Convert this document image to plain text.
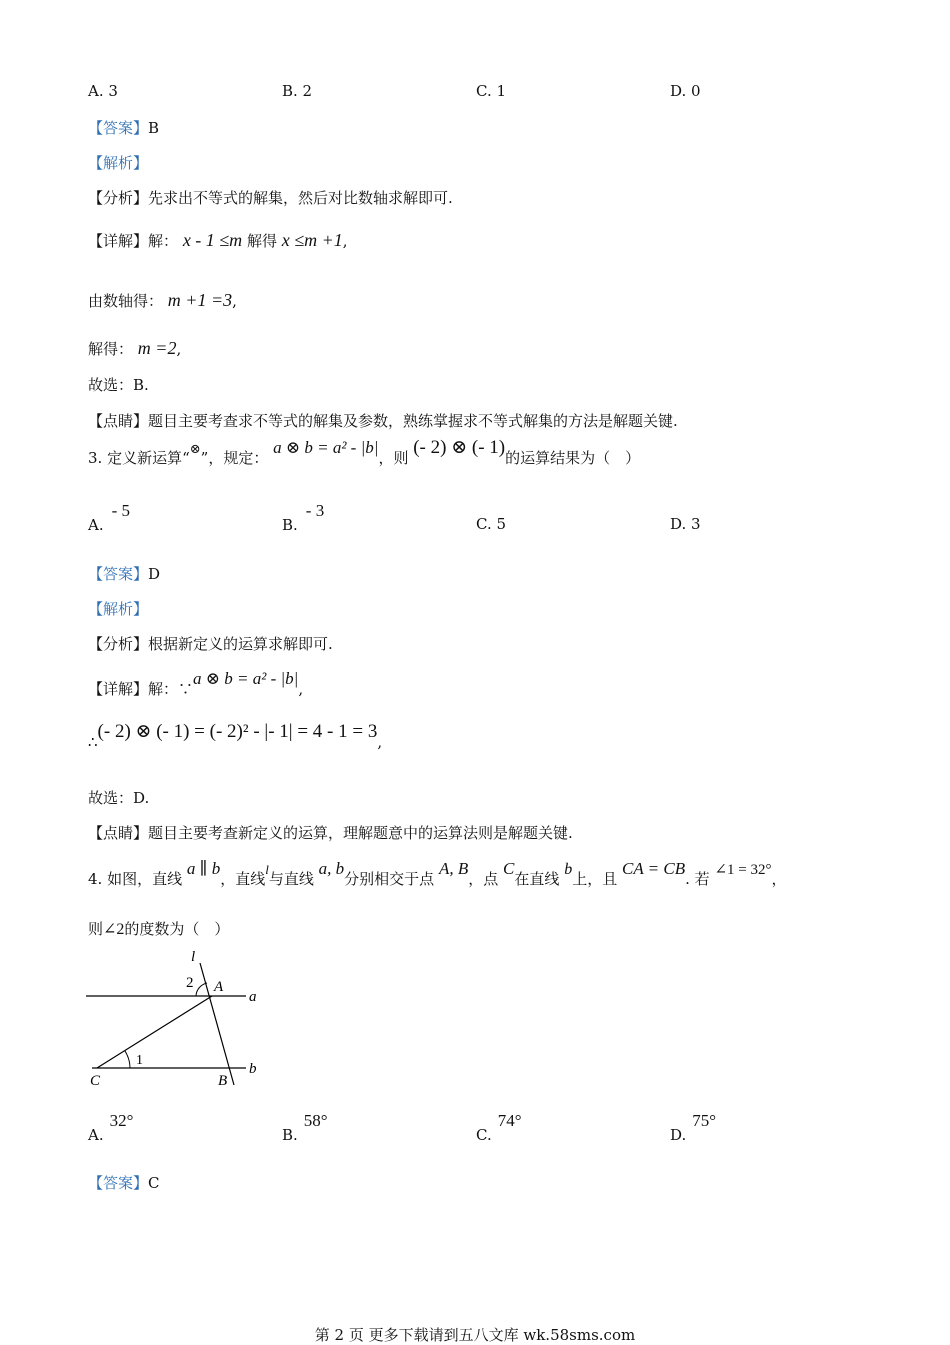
A. 3	B. 2	C. 1	D. 0
【答案】B
【解析】
【分析】先求出不等式的解集，然后对比数轴求解即可.
【详解】解： x - 1 ≤m 解得 x ≤m +1,
由数轴得： m +1 =3,
解得： m =2,
故选：B.
【点睛】题目主要考查求不等式的解集及参数，熟练掌握求不等式解集的方法是解题关键.
3. 定义新运算“⊗”，规定： a ⊗ b = a² - |b|，则 (- 2) ⊗ (- 1)的运算结果为（　）
A.- 5
B.- 3
C. 5	D. 3
【答案】D
【解析】
【分析】根据新定义的运算求解即可.
【详解】解：∵a ⊗ b = a² - |b|,
∴(- 2) ⊗ (- 1) = (- 2)² - |- 1| = 4 - 1 = 3,
故选：D.
【点睛】题目主要考查新定义的运算，理解题意中的运算法则是解题关键.
4. 如图，直线 a ∥ b，直线l与直线 a, b分别相交于点 A, B，点 C在直线 b上，且 CA = CB. 若 ∠1 = 32°，
则∠2的度数为（　）
l
2 A
a
1
C	B
b
A.32°
B.58°
C.74°
D.75°
【答案】C
第 2 页 更多下载请到五八文库 wk.58sms.com
